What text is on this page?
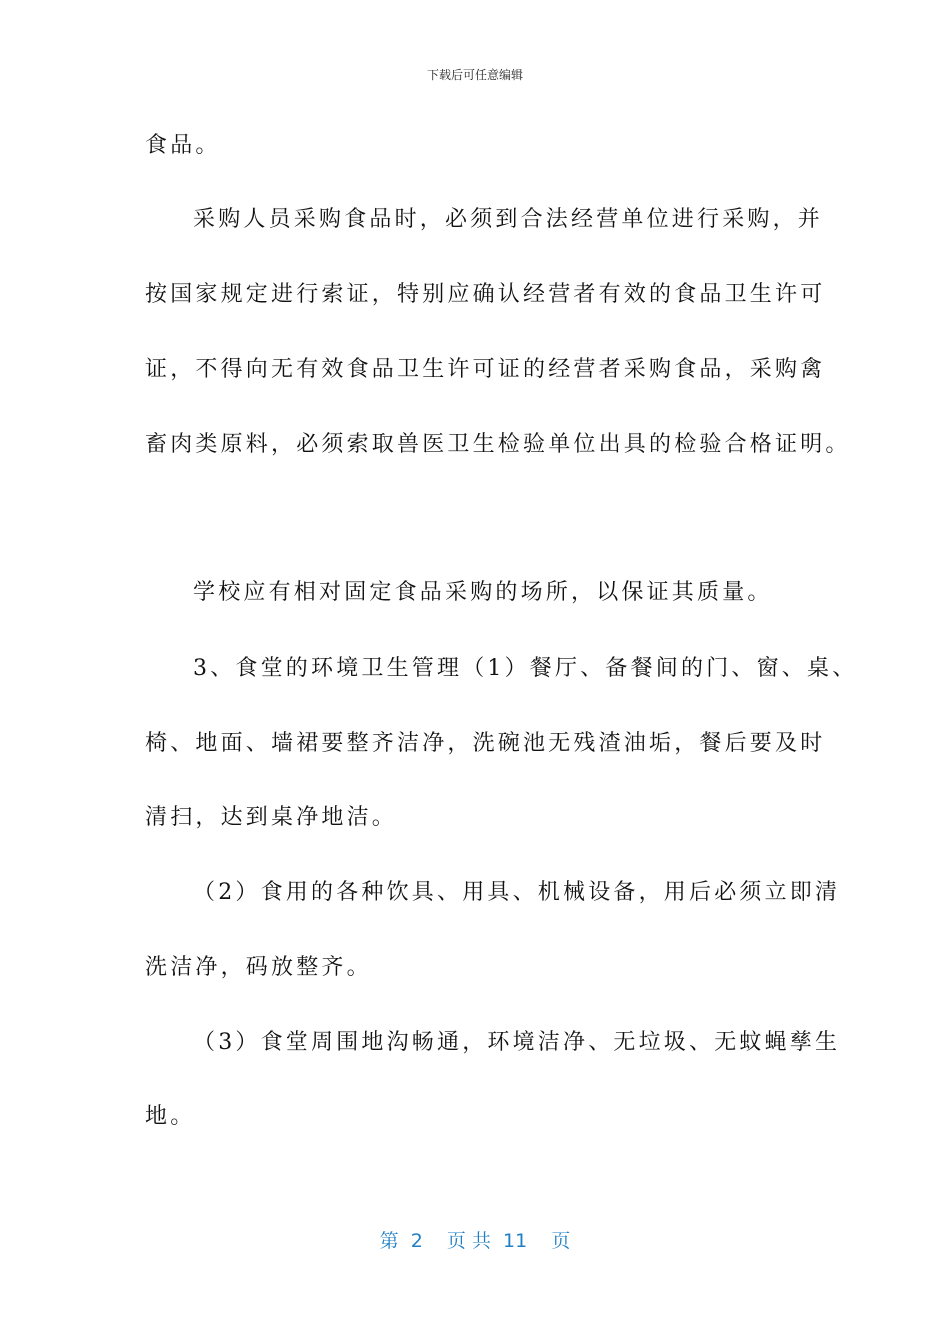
下载后可任意编辑
食品。
采购人员采购食品时，必须到合法经营单位进行采购，并
按国家规定进行索证，特别应确认经营者有效的食品卫生许可
证，不得向无有效食品卫生许可证的经营者采购食品，采购禽
畜肉类原料，必须索取兽医卫生检验单位出具的检验合格证明。
学校应有相对固定食品采购的场所，以保证其质量。
3、食堂的环境卫生管理（1）餐厅、备餐间的门、窗、桌、
椅、地面、墙裙要整齐洁净，洗碗池无残渣油垢，餐后要及时
清扫，达到桌净地洁。
（2）食用的各种饮具、用具、机械设备，用后必须立即清
洗洁净，码放整齐。
（3）食堂周围地沟畅通，环境洁净、无垃圾、无蚊蝇孳生
地。
第  2    页 共  11    页
